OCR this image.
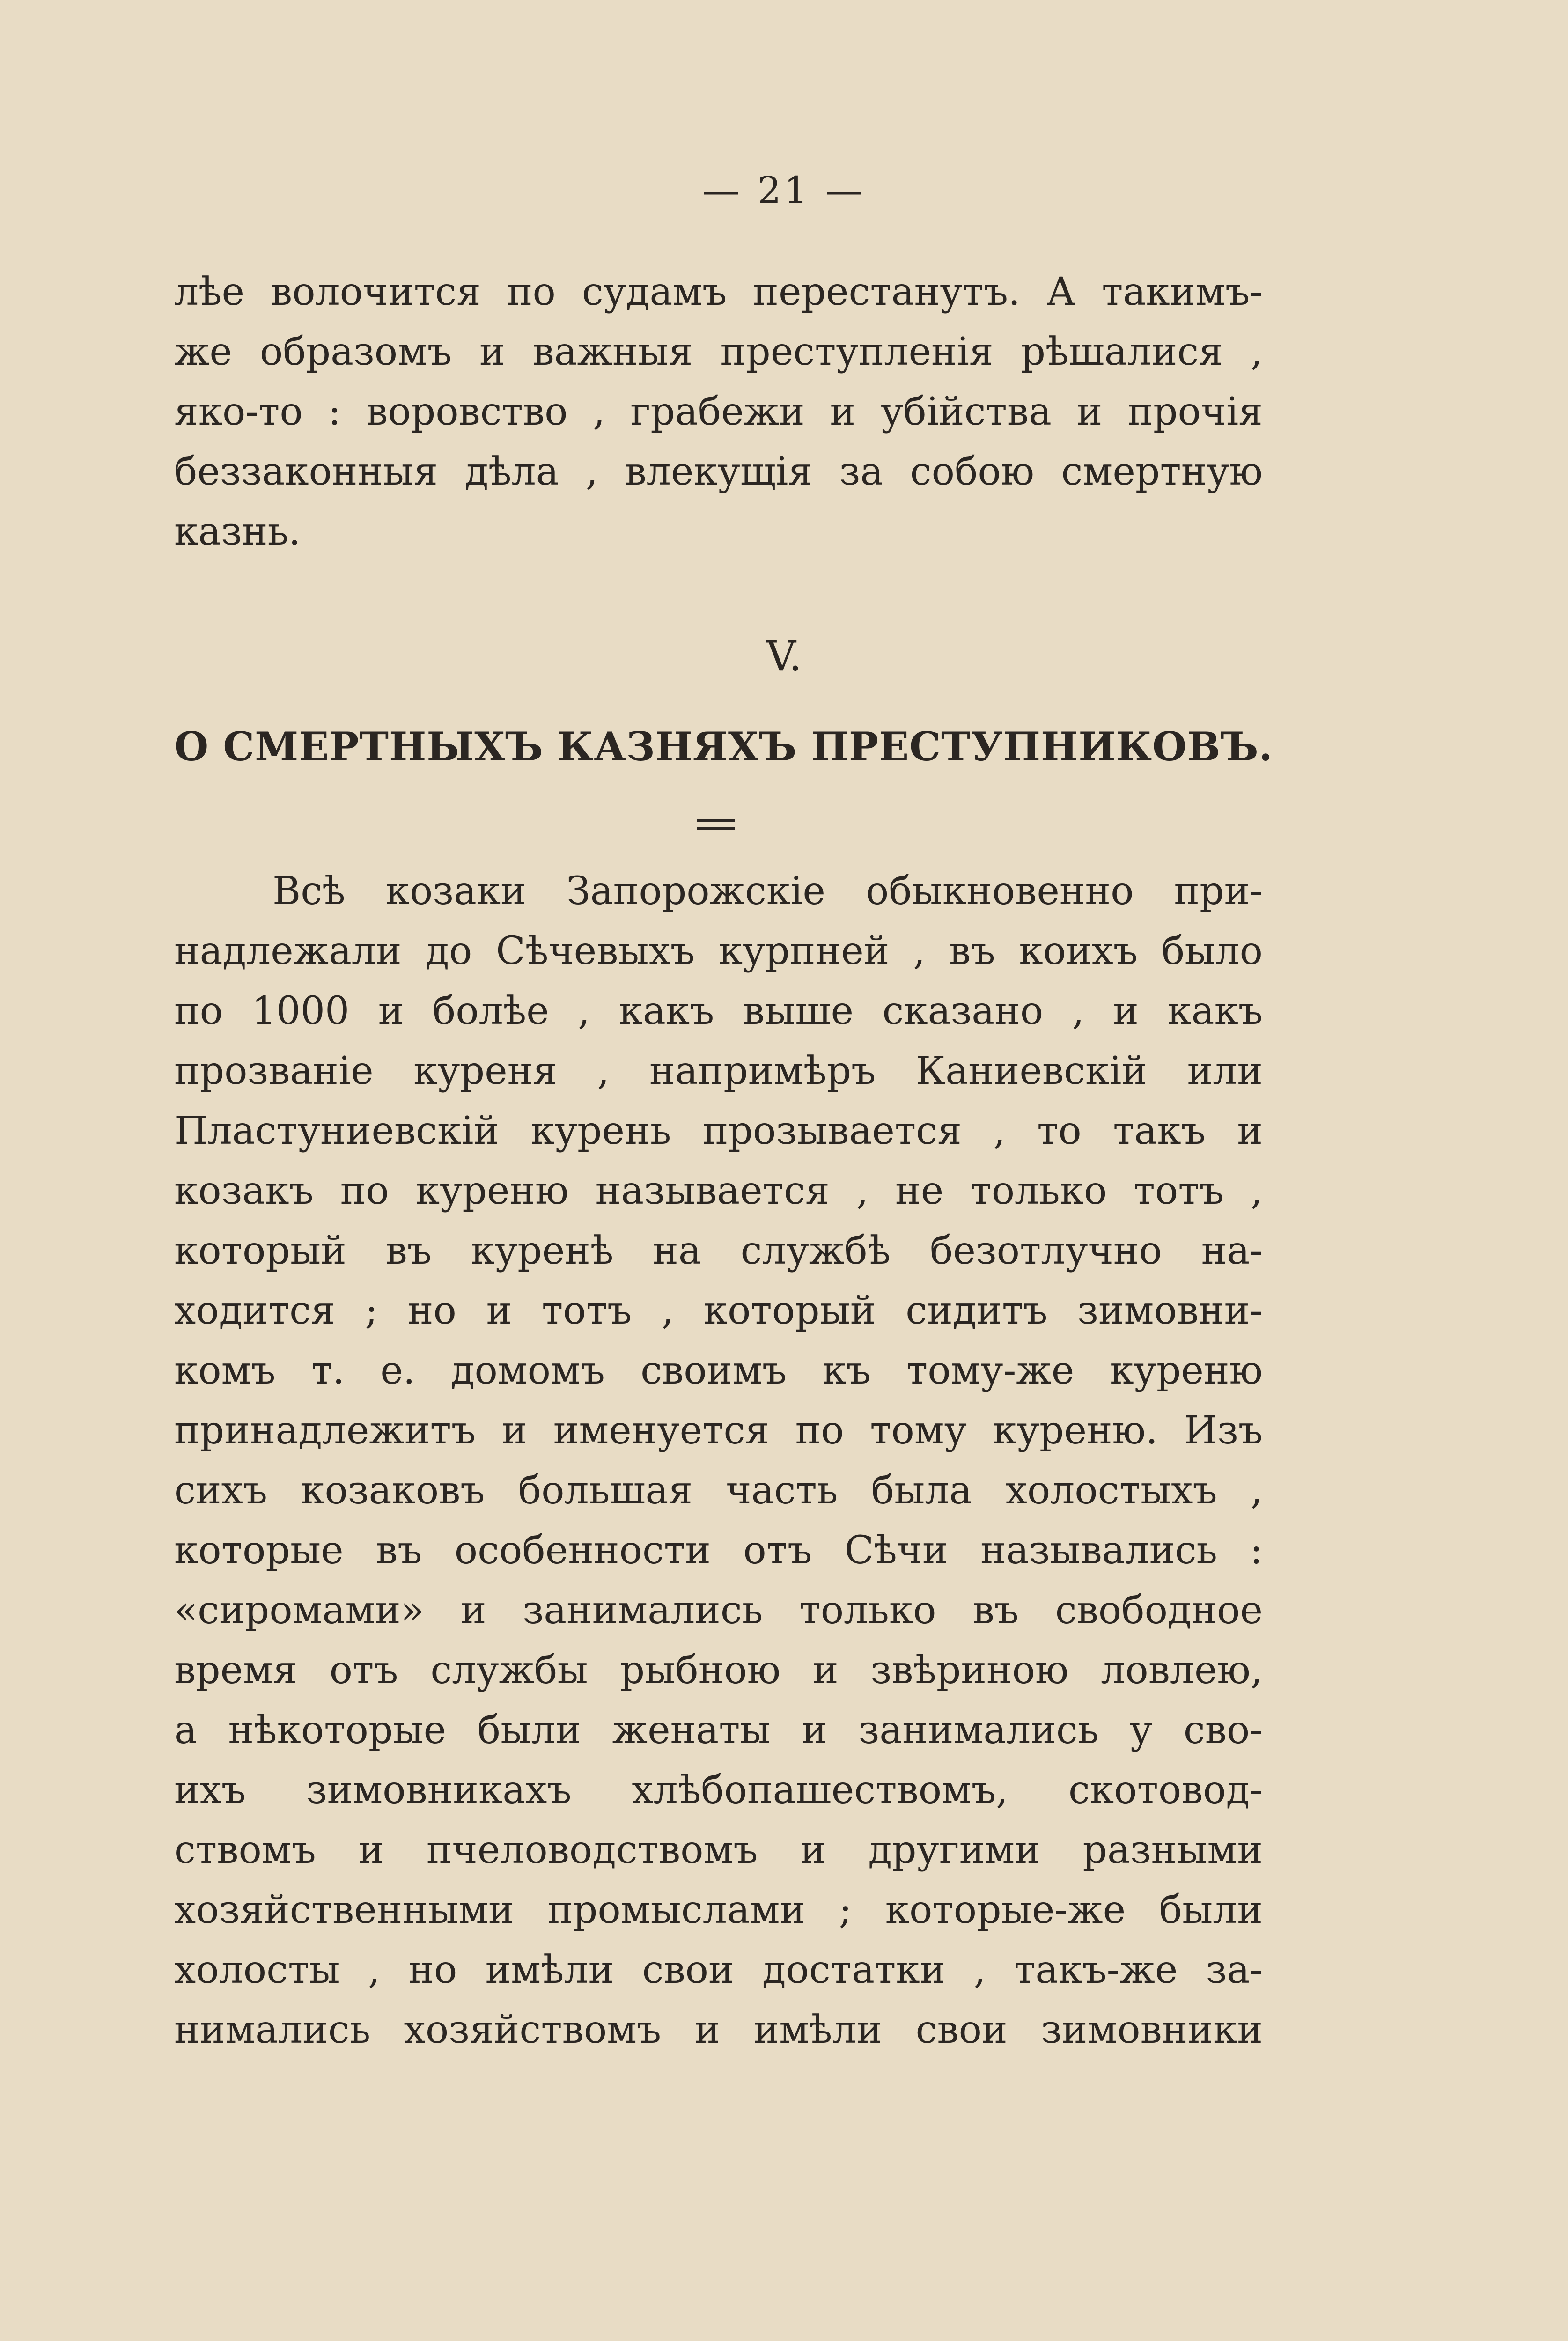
— 21 —
лѣе волочится по судамъ перестанутъ. А такимъ-
же образомъ и важныя преступленія рѣшалися ,
яко-то : воровство , грабежи и убійства и прочія
беззаконныя дѣла , влекущія за собою смертную
казнь.
V.
О СМЕРТНЫХЪ КАЗНЯХЪ ПРЕСТУПНИКОВЪ.
Всѣ козаки Запорожскіе обыкновенно при-
надлежали до Сѣчевыхъ курпней , въ коихъ было
по 1000 и болѣе , какъ выше сказано , и какъ
прозваніе куреня , напримѣръ Каниевскій или
Пластуниевскій курень прозывается , то такъ и
козакъ по куреню называется , не только тотъ ,
который въ куренѣ на службѣ безотлучно на-
ходится ; но и тотъ , который сидитъ зимовни-
комъ т. е. домомъ своимъ къ тому-же куреню
принадлежитъ и именуется по тому куреню. Изъ
сихъ козаковъ большая часть была холостыхъ ,
которые въ особенности отъ Сѣчи назывались :
«сиромами» и занимались только въ свободное
время отъ службы рыбною и звѣриною ловлею,
а нѣкоторые были женаты и занимались у сво-
ихъ зимовникахъ хлѣбопашествомъ, скотовод-
ствомъ и пчеловодствомъ и другими разными
хозяйственными промыслами ; которые-же были
холосты , но имѣли свои достатки , такъ-же за-
нимались хозяйствомъ и имѣли свои зимовники
